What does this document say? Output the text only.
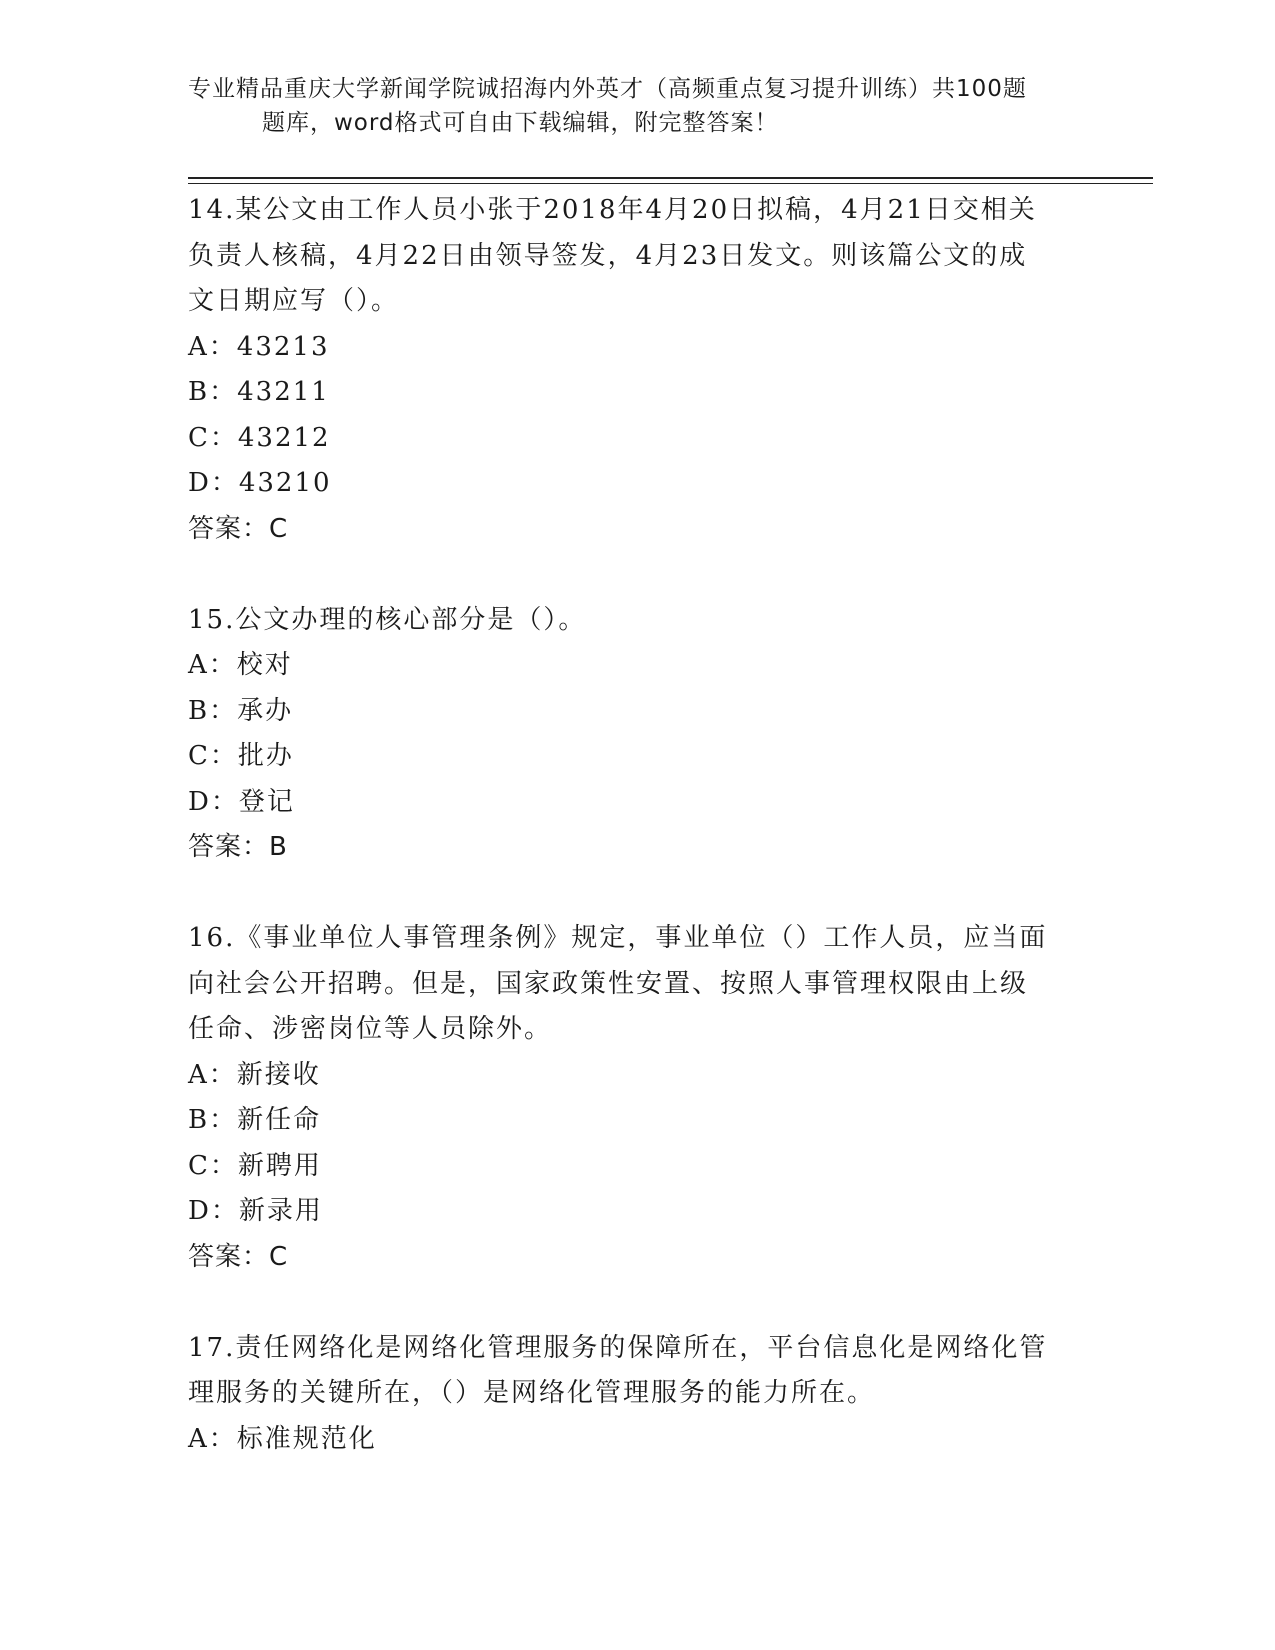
专业精品重庆大学新闻学院诚招海内外英才（高频重点复习提升训练）共100题
题库，word格式可自由下载编辑，附完整答案！

14.某公文由工作人员小张于2018年4月20日拟稿，4月21日交相关

负责人核稿，4月22日由领导签发，4月23日发文。则该篇公文的成

文日期应写（）。

A：43213

B：43211

C：43212

D：43210

答案：C

15.公文办理的核心部分是（）。

A：校对

B：承办

C：批办

D：登记

答案：B

16.《事业单位人事管理条例》规定，事业单位（）工作人员，应当面

向社会公开招聘。但是，国家政策性安置、按照人事管理权限由上级

任命、涉密岗位等人员除外。

A：新接收

B：新任命

C：新聘用

D：新录用

答案：C

17.责任网络化是网络化管理服务的保障所在，平台信息化是网络化管

理服务的关键所在，（）是网络化管理服务的能力所在。

A：标准规范化
